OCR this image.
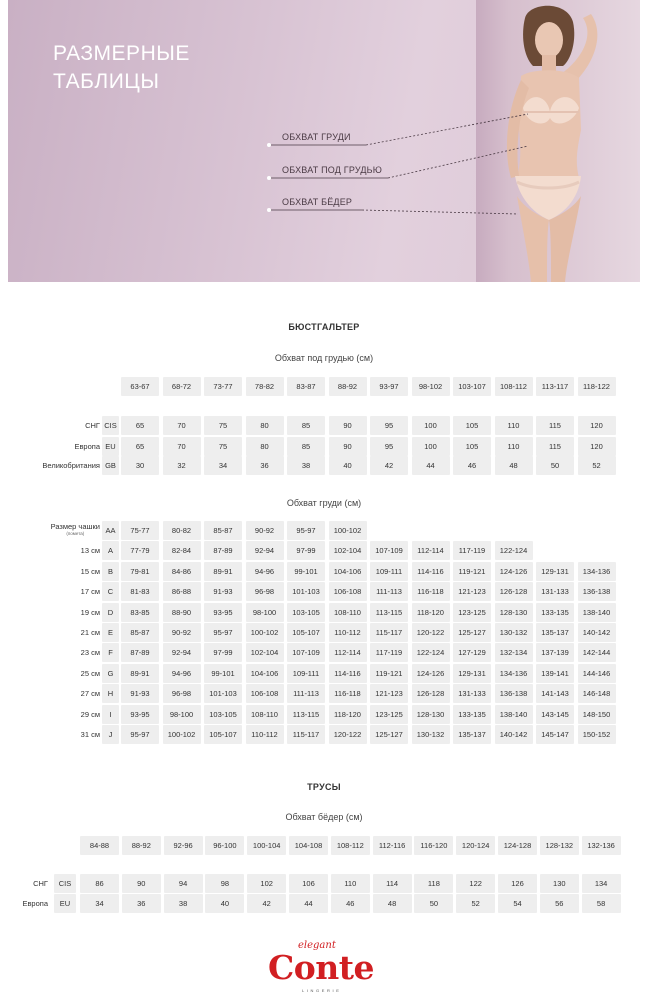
РАЗМЕРНЫЕ
ТАБЛИЦЫ
ОБХВАТ ГРУДИ
ОБХВАТ ПОД ГРУДЬЮ
ОБХВАТ БЁДЕР
БЮСТГАЛЬТЕР
Обхват под грудью (см)
63-67	68-72	73-77	78-82	83-87	88-92	93-97	98-102	103-107	108-112	113-117	118-122
СНГ CIS	65	70	75	80	85	90	95	100	105	110	115	120
Европа EU	65	70	75	80	85	90	95	100	105	110	115	120
Великобритания GB	30	32	34	36	38	40	42	44	46	48	50	52
Обхват груди (см)
Размер чашки
(помета)	AA	75-77	80-82	85-87	90-92	95-97	100-102
13 см	A	77-79	82-84	87-89	92-94	97-99	102-104	107-109	112-114	117-119	122-124
15 см	B	79-81	84-86	89-91	94-96	99-101	104-106	109-111	114-116	119-121	124-126	129-131	134-136
17 см	C	81-83	86-88	91-93	96-98	101-103	106-108	111-113	116-118	121-123	126-128	131-133	136-138
19 см	D	83-85	88-90	93-95	98-100	103-105	108-110	113-115	118-120	123-125	128-130	133-135	138-140
21 см	E	85-87	90-92	95-97	100-102	105-107	110-112	115-117	120-122	125-127	130-132	135-137	140-142
23 см	F	87-89	92-94	97-99	102-104	107-109	112-114	117-119	122-124	127-129	132-134	137-139	142-144
25 см	G	89-91	94-96	99-101	104-106	109-111	114-116	119-121	124-126	129-131	134-136	139-141	144-146
27 см	H	91-93	96-98	101-103	106-108	111-113	116-118	121-123	126-128	131-133	136-138	141-143	146-148
29 см	I	93-95	98-100	103-105	108-110	113-115	118-120	123-125	128-130	133-135	138-140	143-145	148-150
31 см	J	95-97	100-102	105-107	110-112	115-117	120-122	125-127	130-132	135-137	140-142	145-147	150-152
ТРУСЫ
Обхват бёдер (см)
84-88	88-92	92-96	96-100	100-104	104-108	108-112	112-116	116-120	120-124	124-128	128-132	132-136
СНГ	CIS	86	90	94	98	102	106	110	114	118	122	126	130	134
Европа	EU	34	36	38	40	42	44	46	48	50	52	54	56	58
elegant
Conte
LINGERIE
